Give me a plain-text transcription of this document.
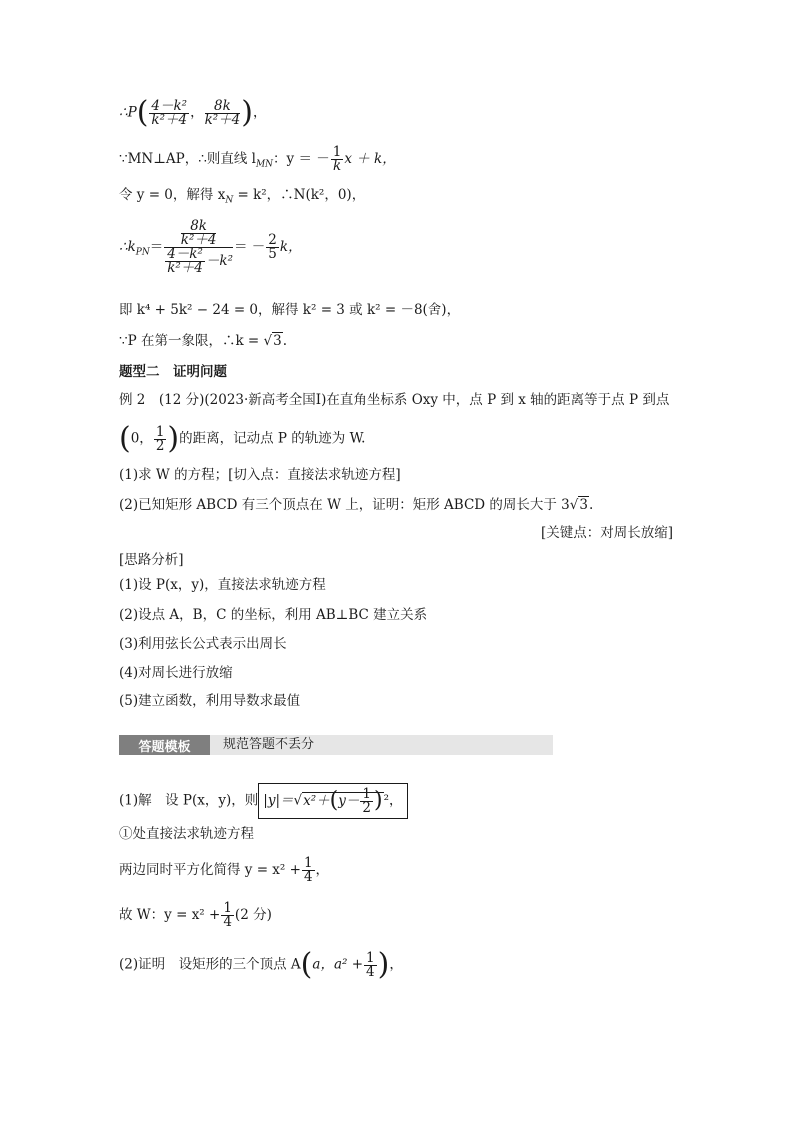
∴P( $\frac{\text{4－k²}}{\text{k²＋4}}$ ， $\frac{8k}{\text{k²＋4}}$ )，
∵MN⊥AP，∴则直线 $l_{MN}$：y ＝ － $\frac{1}{k}$ x ＋ k，
令 y = 0，解得 $x_N = k^2$，∴N(k²，0)，
$\therefore k_{PN}= \frac{\frac{8k}{\text{k²＋4}}}{\frac{\text{4－k²}}{\text{k²＋4}} -k^2}$ ＝ － $\frac{2}{5}$ k，
即 k⁴ + 5k² − 24 = 0，解得 k² = 3 或 k² = －8(舍)，
∵P 在第一象限，∴k = √3.
题型二　证明问题
例 2　(12 分)(2023·新高考全国Ⅰ)在直角坐标系 Oxy 中，点 P 到 x 轴的距离等于点 P 到点
(0， $\frac{1}{2}$ )的距离，记动点 P 的轨迹为 W.
(1)求 W 的方程；[切入点：直接法求轨迹方程]
(2)已知矩形 ABCD 有三个顶点在 W 上，证明：矩形 ABCD 的周长大于 3√3.
[关键点：对周长放缩]
[思路分析]
(1)设 P(x，y)，直接法求轨迹方程
(2)设点 A，B，C 的坐标，利用 AB⊥BC 建立关系
(3)利用弦长公式表示出周长
(4)对周长进行放缩
(5)建立函数，利用导数求最值
答题模板	规范答题不丢分
(1)解　设 P(x，y)，则 $|y|=√x^2+(y- \frac{1}{2} )^2$，
①处直接法求轨迹方程
两边同时平方化简得 $y = x^2 + \frac{1}{4}$ ，
故 W：$y = x^2 + \frac{1}{4} (2$ 分)
(2)证明　设矩形的三个顶点 A(a，$a^2 + \frac{1}{4}$ )，
